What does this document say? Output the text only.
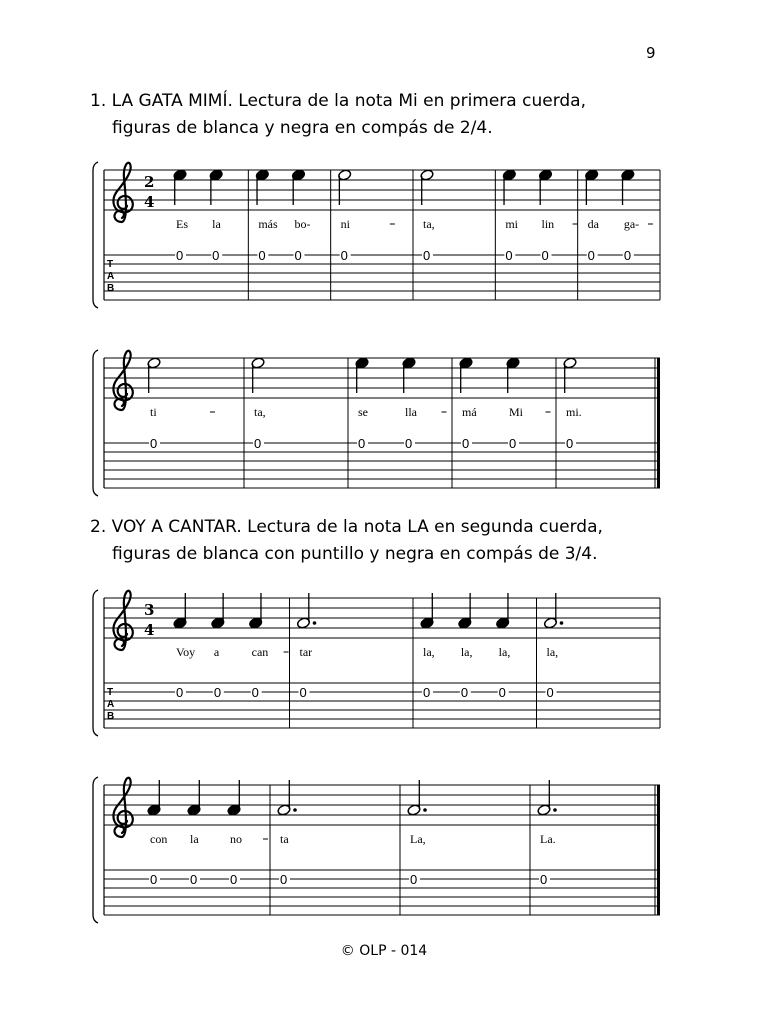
9
1. LA GATA MIMÍ. Lectura de la nota Mi en primera cuerda,
figuras de blanca y negra en compás de 2/4.
2
4
T
A
B
Es
0
la
0
más
0
bo-
0
ni
0
ta,
0
mi
0
lin
0
da
0
ga-
0
ti
0
ta,
0
se
0
lla
0
má
0
Mi
0
mi.
0
2. VOY A CANTAR. Lectura de la nota LA en segunda cuerda,
figuras de blanca con puntillo y negra en compás de 3/4.
3
4
T
A
B
Voy
0
a
0
can
0
tar
0
la,
0
la,
0
la,
0
la,
0
con
0
la
0
no
0
ta
0
La,
0
La.
0
© OLP - 014
